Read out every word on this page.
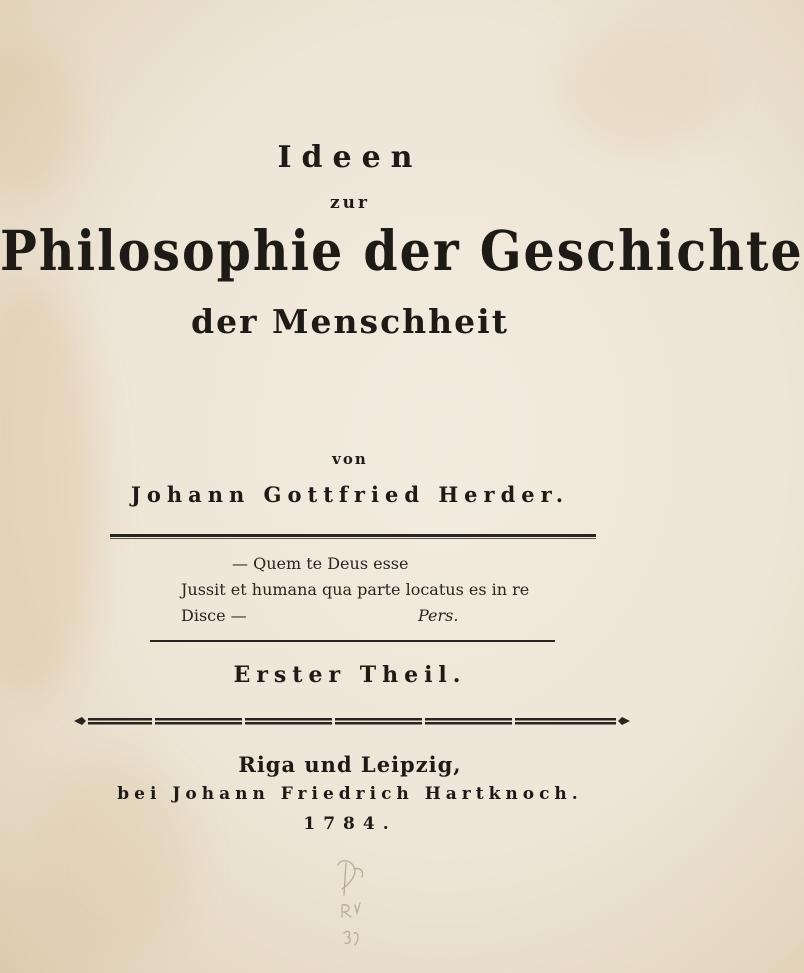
Ideen
zur
Philosophie der Geschichte
der Menschheit
von
Johann Gottfried Herder.
— Quem te Deus esse
Jussit et humana qua parte locatus es in re
Disce —	Pers.
Erster Theil.
Riga und Leipzig,
bei Johann Friedrich Hartknoch.
1784.
